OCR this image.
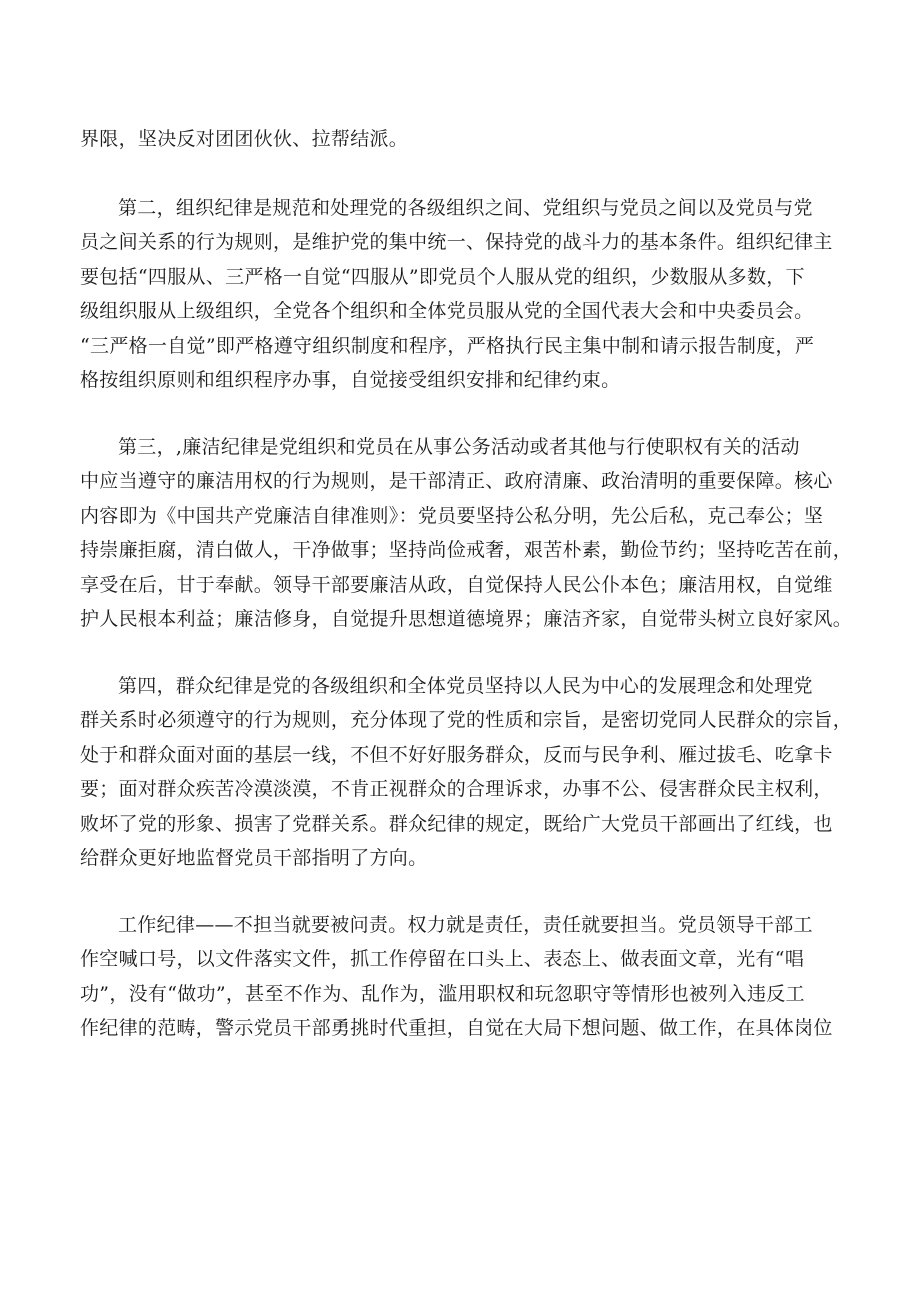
界限，坚决反对团团伙伙、拉帮结派。

第二，组织纪律是规范和处理党的各级组织之间、党组织与党员之间以及党员与党
员之间关系的行为规则，是维护党的集中统一、保持党的战斗力的基本条件。组织纪律主
要包括“四服从、三严格一自觉“四服从”即党员个人服从党的组织，少数服从多数，下
级组织服从上级组织，全党各个组织和全体党员服从党的全国代表大会和中央委员会。
“三严格一自觉”即严格遵守组织制度和程序，严格执行民主集中制和请示报告制度，严
格按组织原则和组织程序办事，自觉接受组织安排和纪律约束。

第三，,廉洁纪律是党组织和党员在从事公务活动或者其他与行使职权有关的活动
中应当遵守的廉洁用权的行为规则，是干部清正、政府清廉、政治清明的重要保障。核心
内容即为《中国共产党廉洁自律准则》：党员要坚持公私分明，先公后私，克己奉公；坚
持崇廉拒腐，清白做人，干净做事；坚持尚俭戒奢，艰苦朴素，勤俭节约；坚持吃苦在前，
享受在后，甘于奉献。领导干部要廉洁从政，自觉保持人民公仆本色；廉洁用权，自觉维
护人民根本利益；廉洁修身，自觉提升思想道德境界；廉洁齐家，自觉带头树立良好家风。

第四，群众纪律是党的各级组织和全体党员坚持以人民为中心的发展理念和处理党
群关系时必须遵守的行为规则，充分体现了党的性质和宗旨，是密切党同人民群众的宗旨，
处于和群众面对面的基层一线，不但不好好服务群众，反而与民争利、雁过拔毛、吃拿卡
要；面对群众疾苦冷漠淡漠，不肯正视群众的合理诉求，办事不公、侵害群众民主权利，
败坏了党的形象、损害了党群关系。群众纪律的规定，既给广大党员干部画出了红线，也
给群众更好地监督党员干部指明了方向。

工作纪律——不担当就要被问责。权力就是责任，责任就要担当。党员领导干部工
作空喊口号，以文件落实文件，抓工作停留在口头上、表态上、做表面文章，光有“唱
功”，没有“做功”，甚至不作为、乱作为，滥用职权和玩忽职守等情形也被列入违反工
作纪律的范畴，警示党员干部勇挑时代重担，自觉在大局下想问题、做工作，在具体岗位
